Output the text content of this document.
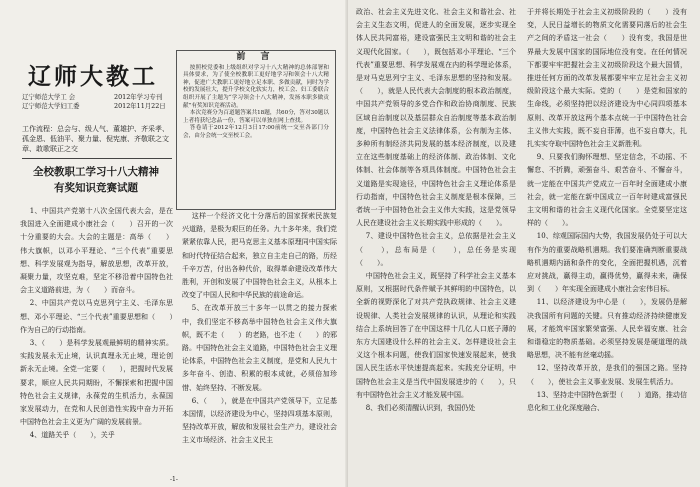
辽师大教工
辽宁师范大学工 会
辽宁师范大学妇工委
2012年学习专刊
2012年11月22日
工作流程：总会与、级人气、董雄护、齐采孝、孤金恩、低油平、聚力量、倪宪康、齐敬联之文章、敢歌联正之交
前 言

按照校党委和上级组织对学习十八大精神的总体部署和具体要求，为了使全校教职工更好地学习和领会十八大精神，促进广大教职工更好地立足本职、多做贡献，同时为学校的发展壮大，提升学校文化软实力，校工会、妇工委联合组织开展了主题为“学习领会十八大精神，发扬本职多做贡献”有奖知识竞赛活动。

本次竞赛分为百道题答案共18题，共60分，答对30题以上者将获纪念品一份，答案可以单独在网上查找。

答卷请于2012年12月3日17:00前统一交至各部门分会，由分会统一交至校工会。

全校教职工学习十八大精神
有奖知识竞赛试题

1、中国共产党第十八次全国代表大会，是在我国进入全面建成小康社会（　　）召开的一次十分重要的大会。大会的主题是：高举（　　）伟大旗帜，以邓小平理论、“三个代表”重要思想、科学发展观为指导，解放思想，改革开放，凝聚力量，攻坚克难，坚定不移沿着中国特色社会主义道路前进，为（　　）而奋斗。

2、中国共产党以马克思列宁主义、毛泽东思想、邓小平理论、“三个代表”重要思想和（　　）作为自己的行动指南。

3、（　　）是科学发展观最鲜明的精神实质。实践发展永无止境，认识真理永无止境，理论创新永无止境。全党一定要（　　），把握时代发展要求，顺应人民共同期盼，不懈探索和把握中国特色社会主义规律，永葆党的生机活力，永葆国家发展动力，在党和人民创造性实践中奋力开拓中国特色社会主义更为广阔的发展前景。

4、道路关乎（　　），关乎

这样一个经济文化十分落后的国家探索民族复兴道路，是极为艰巨的任务。九十多年来，我们党紧紧依靠人民，把马克思主义基本原理同中国实际和时代特征结合起来，独立自主走自己的路，历经千辛万苦，付出各种代价，取得革命建设改革伟大胜利，开创和发展了中国特色社会主义，从根本上改变了中国人民和中华民族的前途命运。

5、在改革开放三十多年一以贯之的接力探索中，我们坚定不移高举中国特色社会主义伟大旗帜，既不走（　　）的老路，也不走（　　）的邪路。中国特色社会主义道路，中国特色社会主义理论体系，中国特色社会主义制度，是党和人民九十多年奋斗、创造、积累的根本成就，必须倍加珍惜、始终坚持、不断发展。

6、（　　），就是在中国共产党领导下，立足基本国情，以经济建设为中心，坚持四项基本原则，坚持改革开放，解放和发展社会生产力，建设社会主义市场经济、社会主义民主

政治、社会主义先进文化、社会主义和谐社会、社会主义生态文明，促进人的全面发展，逐步实现全体人民共同富裕，建设富强民主文明和谐的社会主义现代化国家。（　　），既包括邓小平理论、“三个代表”重要思想、科学发展观在内的科学理论体系，是对马克思列宁主义、毛泽东思想的坚持和发展。（　　），就是人民代表大会制度的根本政治制度，中国共产党领导的多党合作和政治协商制度、民族区域自治制度以及基层群众自治制度等基本政治制度，中国特色社会主义法律体系，公有制为主体、多种所有制经济共同发展的基本经济制度，以及建立在这些制度基础上的经济体制、政治体制、文化体制、社会体制等各项具体制度。中国特色社会主义道路是实现途径，中国特色社会主义理论体系是行动指南，中国特色社会主义制度是根本保障，三者统一于中国特色社会主义伟大实践，这是党领导人民在建设社会主义长期实践中形成的（　　）。

7、建设中国特色社会主义，总依据是社会主义（　　），总布局是（　　），总任务是实现（　　）。

中国特色社会主义，既坚持了科学社会主义基本原则，又根据时代条件赋予其鲜明的中国特色，以全新的视野深化了对共产党执政规律、社会主义建设规律、人类社会发展规律的认识，从理论和实践结合上系统回答了在中国这样十几亿人口底子薄的东方大国建设什么样的社会主义、怎样建设社会主义这个根本问题，使我们国家快速发展起来，使我国人民生活水平快速提高起来。实践充分证明，中国特色社会主义是当代中国发展进步的（　　），只有中国特色社会主义才能发展中国。

8、我们必须清醒认识到，我国仍处

于并将长期处于社会主义初级阶段的（　　）没有变，人民日益增长的物质文化需要同落后的社会生产之间的矛盾这一社会（　　）没有变，我国是世界最大发展中国家的国际地位没有变。在任何情况下都要牢牢把握社会主义初级阶段这个最大国情，推进任何方面的改革发展都要牢牢立足社会主义初级阶段这个最大实际。党的（　　）是党和国家的生命线，必须坚持把以经济建设为中心同四项基本原则、改革开放这两个基本点统一于中国特色社会主义伟大实践，既不妄自菲薄，也不妄自尊大，扎扎实实夺取中国特色社会主义新胜利。

9、只要我们胸怀理想、坚定信念，不动摇、不懈怠、不折腾，顽强奋斗、艰苦奋斗、不懈奋斗，就一定能在中国共产党成立一百年时全面建成小康社会，就一定能在新中国成立一百年时建成富强民主文明和谐的社会主义现代化国家。全党要坚定这样的（　　）。

10、综观国际国内大势，我国发展仍处于可以大有作为的重要战略机遇期。我们要准确判断重要战略机遇期内涵和条件的变化，全面把握机遇，沉着应对挑战，赢得主动，赢得优势，赢得未来，确保到（　　）年实现全面建成小康社会宏伟目标。

11、以经济建设为中心是（　　），发展仍是解决我国所有问题的关键。只有推动经济持续健康发展，才能筑牢国家繁荣富强、人民幸福安康、社会和谐稳定的物质基础。必须坚持发展是硬道理的战略思想，决不能有丝毫动摇。

12、坚持改革开放，是我们的强国之路。坚持（　　），使社会主义事业发展、发展生机活力。

13、坚持走中国特色新型（　　）道路，推动信息化和工业化深度融合、

-1-
